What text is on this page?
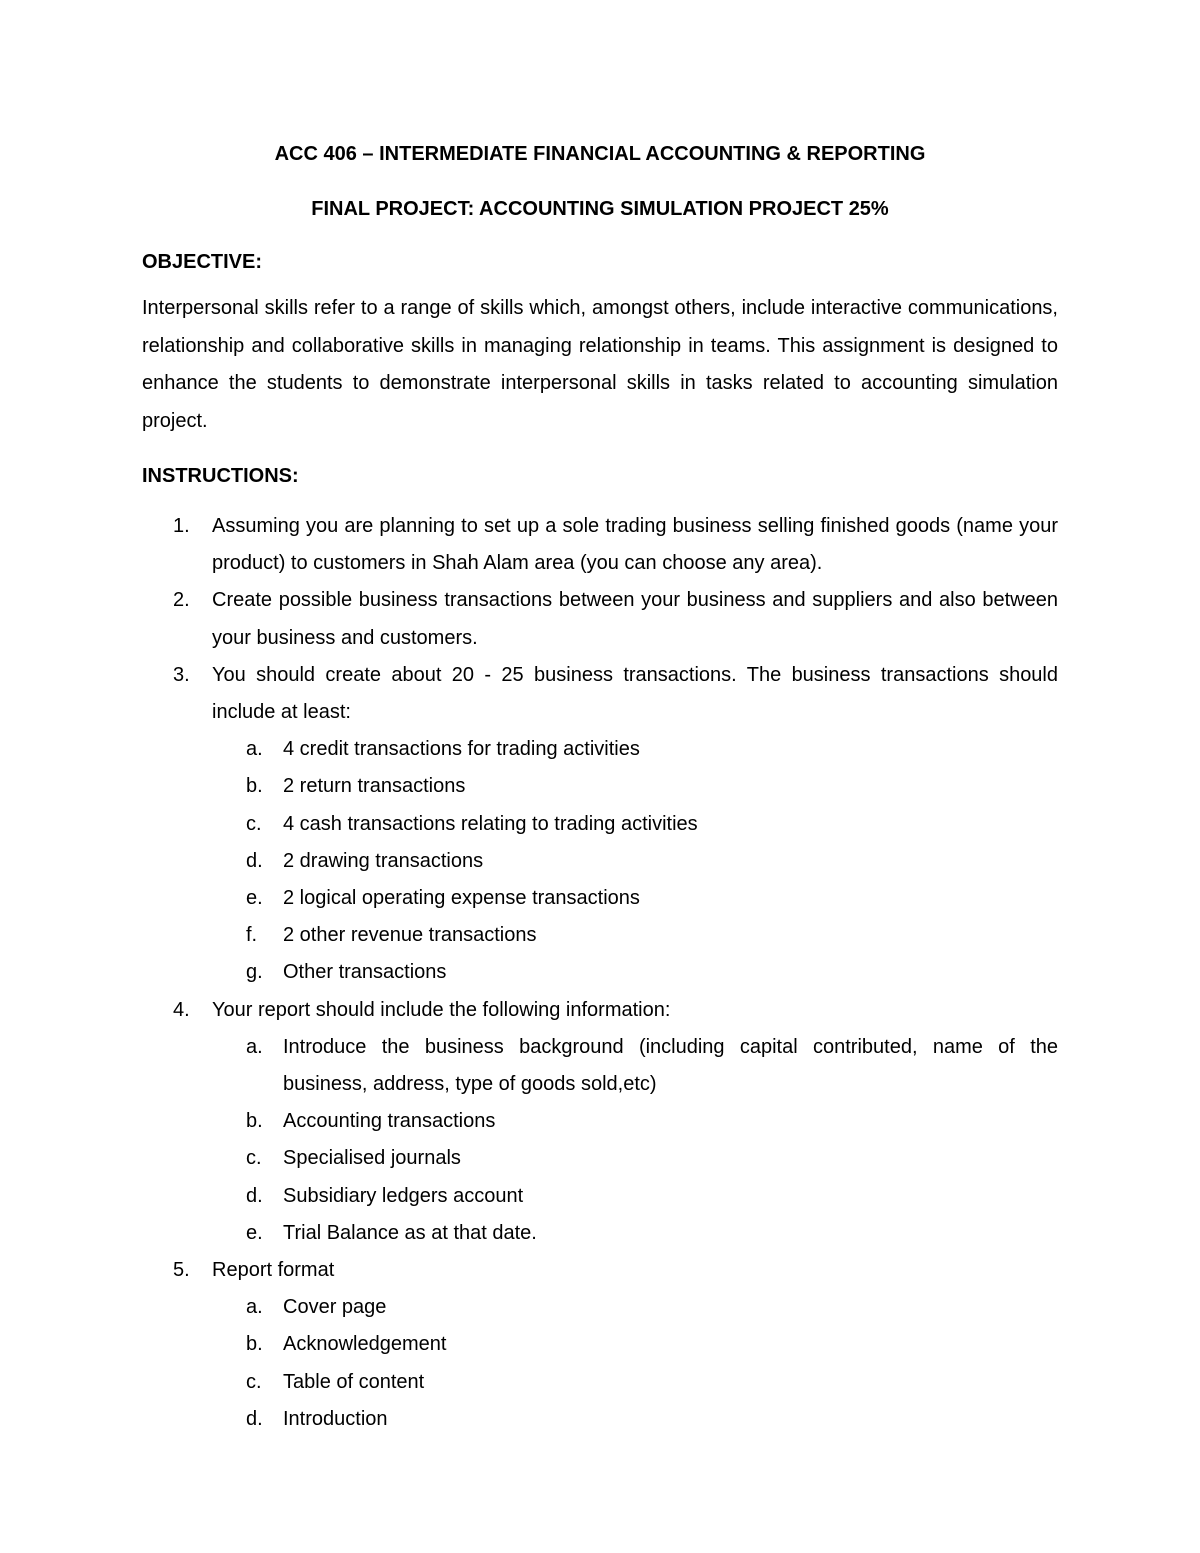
ACC 406 – INTERMEDIATE FINANCIAL ACCOUNTING & REPORTING
FINAL PROJECT: ACCOUNTING SIMULATION PROJECT 25%
OBJECTIVE:
Interpersonal skills refer to a range of skills which, amongst others, include interactive communications, relationship and collaborative skills in managing relationship in teams. This assignment is designed to enhance the students to demonstrate interpersonal skills in tasks related to accounting simulation project.
INSTRUCTIONS:
1. Assuming you are planning to set up a sole trading business selling finished goods (name your product) to customers in Shah Alam area (you can choose any area).
2. Create possible business transactions between your business and suppliers and also between your business and customers.
3. You should create about 20 - 25 business transactions. The business transactions should include at least:
a. 4 credit transactions for trading activities
b. 2 return transactions
c. 4 cash transactions relating to trading activities
d. 2 drawing transactions
e. 2 logical operating expense transactions
f. 2 other revenue transactions
g. Other transactions
4. Your report should include the following information:
a. Introduce the business background (including capital contributed, name of the business, address, type of goods sold,etc)
b. Accounting transactions
c. Specialised journals
d. Subsidiary ledgers account
e. Trial Balance as at that date.
5. Report format
a. Cover page
b. Acknowledgement
c. Table of content
d. Introduction
